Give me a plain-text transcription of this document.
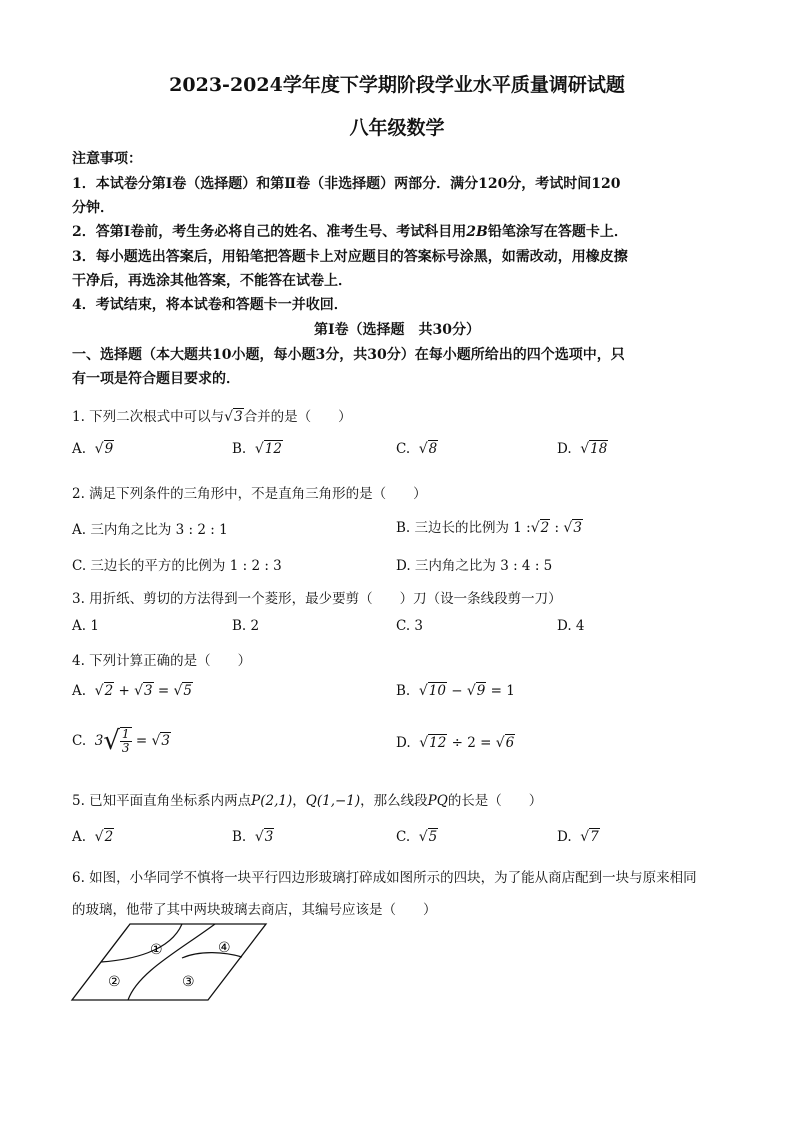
2023-2024学年度下学期阶段学业水平质量调研试题
八年级数学
注意事项：
1．本试卷分第Ⅰ卷（选择题）和第Ⅱ卷（非选择题）两部分．满分120分，考试时间120
分钟．
2．答第Ⅰ卷前，考生务必将自己的姓名、准考生号、考试科目用2B铅笔涂写在答题卡上．
3．每小题选出答案后，用铅笔把答题卡上对应题目的答案标号涂黑，如需改动，用橡皮擦
干净后，再选涂其他答案，不能答在试卷上．
4．考试结束，将本试卷和答题卡一并收回．
第Ⅰ卷（选择题　共30分）
一、选择题（本大题共10小题，每小题3分，共30分）在每小题所给出的四个选项中，只
有一项是符合题目要求的．
1. 下列二次根式中可以与√3合并的是（　　）
A. √9	B. √12	C. √8	D. √18
2. 满足下列条件的三角形中，不是直角三角形的是（　　）
A. 三内角之比为 3 : 2 : 1	B. 三边长的比例为 1 :√2 : √3
C. 三边长的平方的比例为 1 : 2 : 3	D. 三内角之比为 3 : 4 : 5
3. 用折纸、剪切的方法得到一个菱形，最少要剪（　　）刀（设一条线段剪一刀）
A. 1	B. 2	C. 3	D. 4
4. 下列计算正确的是（　　）
A. √2 + √3 = √5	B. √10 − √9 = 1
C. $3√ \frac{1}{3} = √3$	D. √12 ÷ 2 = √6
5. 已知平面直角坐标系内两点P(2,1)，Q(1,−1)，那么线段PQ的长是（　　）
A. √2	B. √3	C. √5	D. √7
6. 如图，小华同学不慎将一块平行四边形玻璃打碎成如图所示的四块，为了能从商店配到一块与原来相同
的玻璃，他带了其中两块玻璃去商店，其编号应该是（　　）
①
②	③
④
